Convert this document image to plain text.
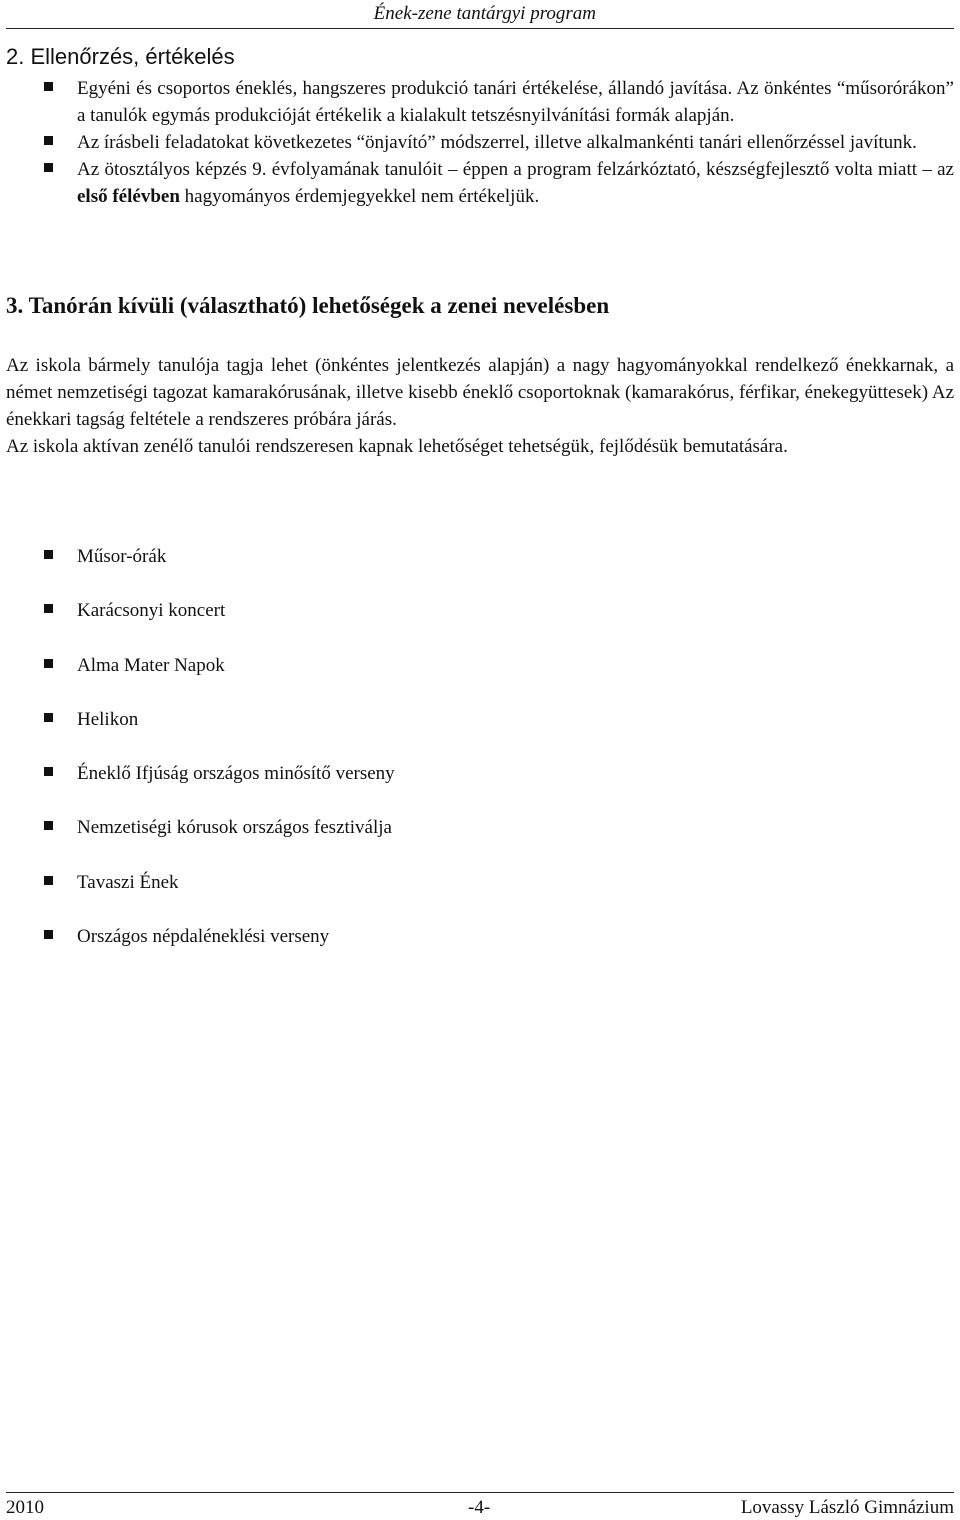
Ének-zene tantárgyi program
2. Ellenőrzés, értékelés
Egyéni és csoportos éneklés, hangszeres produkció tanári értékelése, állandó javítása. Az önkéntes “műsorórákon” a tanulók egymás produkcióját értékelik a kialakult tetszésnyilvánítási formák alapján.
Az írásbeli feladatokat következetes “önjavító” módszerrel, illetve alkalmankénti tanári ellenőrzéssel javítunk.
Az ötosztályos képzés 9. évfolyamának tanulóit – éppen a program felzárkóztató, készségfejlesztő volta miatt – az első félévben hagyományos érdemjegyekkel nem értékeljük.
3. Tanórán kívüli (választható) lehetőségek a zenei nevelésben

Az iskola bármely tanulója tagja lehet (önkéntes jelentkezés alapján) a nagy hagyományokkal rendelkező énekkarnak, a német nemzetiségi tagozat kamarakórusának, illetve kisebb éneklő csoportoknak (kamarakórus, férfikar, énekegyüttesek) Az énekkari tagság feltétele a rendszeres próbára járás.

Az iskola aktívan zenélő tanulói rendszeresen kapnak lehetőséget tehetségük, fejlődésük bemutatására.

Műsor-órák
Karácsonyi koncert
Alma Mater Napok
Helikon
Éneklő Ifjúság országos minősítő verseny
Nemzetiségi kórusok országos fesztiválja
Tavaszi Ének
Országos népdaléneklési verseny
2010	-4-	Lovassy László Gimnázium
